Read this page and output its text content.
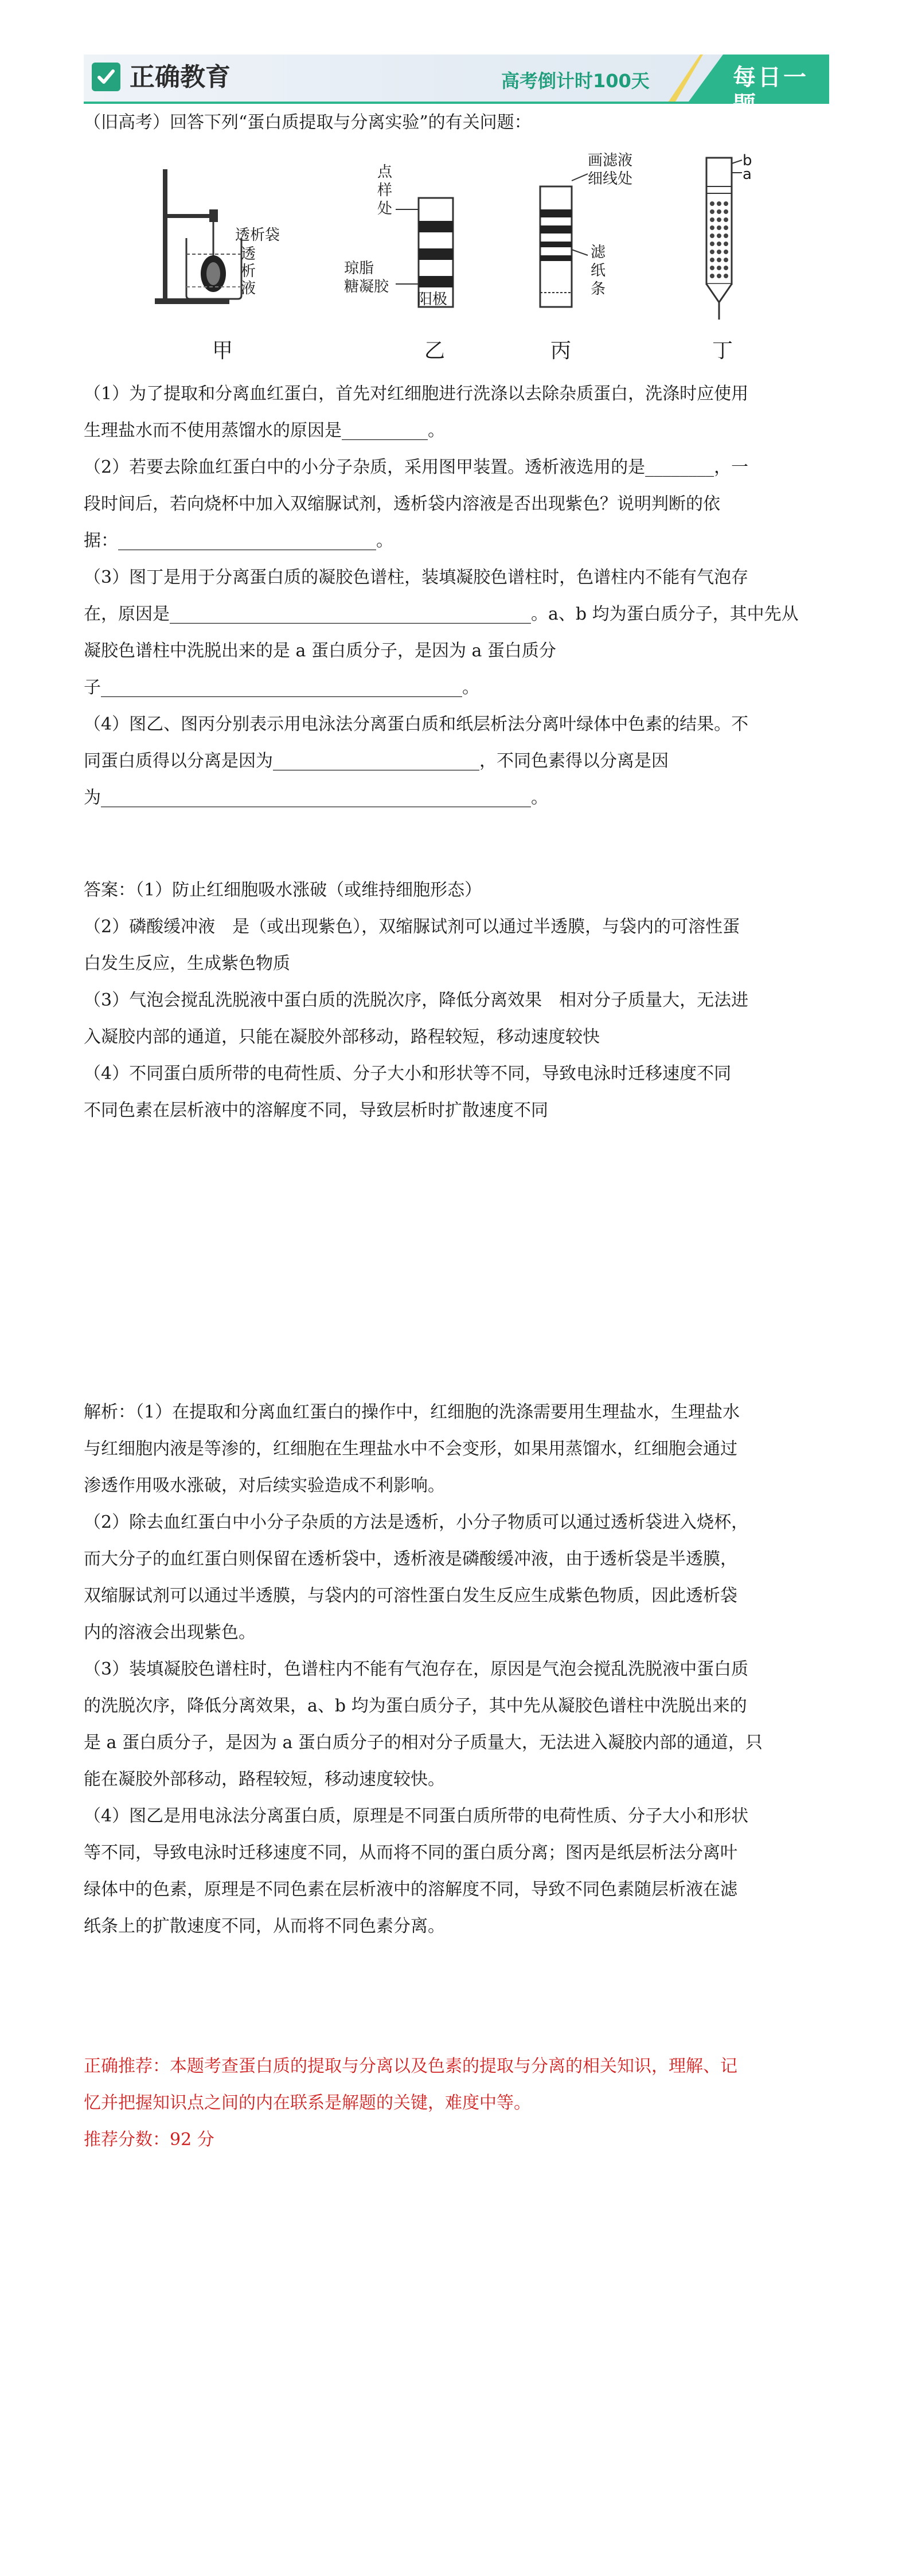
正确教育	高考倒计时100天	每日一题

（旧高考）回答下列“蛋白质提取与分离实验”的有关问题：

透析袋
透
析
液
甲
点
样
处
琼脂
糖凝胶
阳极
乙
画滤液
细线处
滤
纸
条
丙
b
a
丁

（1）为了提取和分离血红蛋白，首先对红细胞进行洗涤以去除杂质蛋白，洗涤时应使用

生理盐水而不使用蒸馏水的原因是__________。

（2）若要去除血红蛋白中的小分子杂质，采用图甲装置。透析液选用的是________，一

段时间后，若向烧杯中加入双缩脲试剂，透析袋内溶液是否出现紫色？说明判断的依

据：______________________________。

（3）图丁是用于分离蛋白质的凝胶色谱柱，装填凝胶色谱柱时，色谱柱内不能有气泡存

在，原因是__________________________________________。a、b 均为蛋白质分子，其中先从

凝胶色谱柱中洗脱出来的是 a 蛋白质分子，是因为 a 蛋白质分

子__________________________________________。

（4）图乙、图丙分别表示用电泳法分离蛋白质和纸层析法分离叶绿体中色素的结果。不

同蛋白质得以分离是因为________________________，不同色素得以分离是因

为__________________________________________________。

答案：（1）防止红细胞吸水涨破（或维持细胞形态）

（2）磷酸缓冲液　是（或出现紫色），双缩脲试剂可以通过半透膜，与袋内的可溶性蛋

白发生反应，生成紫色物质

（3）气泡会搅乱洗脱液中蛋白质的洗脱次序，降低分离效果　相对分子质量大，无法进

入凝胶内部的通道，只能在凝胶外部移动，路程较短，移动速度较快

（4）不同蛋白质所带的电荷性质、分子大小和形状等不同，导致电泳时迁移速度不同

不同色素在层析液中的溶解度不同，导致层析时扩散速度不同

解析：（1）在提取和分离血红蛋白的操作中，红细胞的洗涤需要用生理盐水，生理盐水

与红细胞内液是等渗的，红细胞在生理盐水中不会变形，如果用蒸馏水，红细胞会通过

渗透作用吸水涨破，对后续实验造成不利影响。

（2）除去血红蛋白中小分子杂质的方法是透析，小分子物质可以通过透析袋进入烧杯，

而大分子的血红蛋白则保留在透析袋中，透析液是磷酸缓冲液，由于透析袋是半透膜，

双缩脲试剂可以通过半透膜，与袋内的可溶性蛋白发生反应生成紫色物质，因此透析袋

内的溶液会出现紫色。

（3）装填凝胶色谱柱时，色谱柱内不能有气泡存在，原因是气泡会搅乱洗脱液中蛋白质

的洗脱次序，降低分离效果，a、b 均为蛋白质分子，其中先从凝胶色谱柱中洗脱出来的

是 a 蛋白质分子，是因为 a 蛋白质分子的相对分子质量大，无法进入凝胶内部的通道，只

能在凝胶外部移动，路程较短，移动速度较快。

（4）图乙是用电泳法分离蛋白质，原理是不同蛋白质所带的电荷性质、分子大小和形状

等不同，导致电泳时迁移速度不同，从而将不同的蛋白质分离；图丙是纸层析法分离叶

绿体中的色素，原理是不同色素在层析液中的溶解度不同，导致不同色素随层析液在滤

纸条上的扩散速度不同，从而将不同色素分离。

正确推荐：本题考查蛋白质的提取与分离以及色素的提取与分离的相关知识，理解、记

忆并把握知识点之间的内在联系是解题的关键，难度中等。

推荐分数：92 分
